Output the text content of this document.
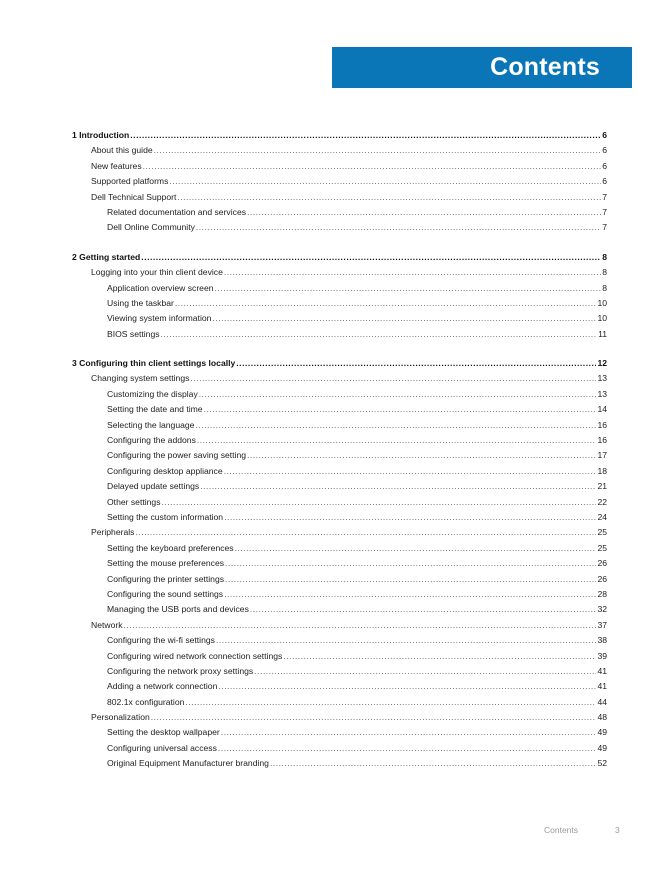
Contents
1 Introduction .....	6
About this guide .....	6
New features .....	6
Supported platforms .....	6
Dell Technical Support .....	7
Related documentation and services .....	7
Dell Online Community .....	7
2 Getting started .....	8
Logging into your thin client device .....	8
Application overview screen .....	8
Using the taskbar .....	10
Viewing system information .....	10
BIOS settings .....	11
3 Configuring thin client settings locally .....	12
Changing system settings .....	13
Customizing the display .....	13
Setting the date and time .....	14
Selecting the language .....	16
Configuring the addons .....	16
Configuring the power saving setting .....	17
Configuring desktop appliance .....	18
Delayed update settings .....	21
Other settings .....	22
Setting the custom information .....	24
Peripherals .....	25
Setting the keyboard preferences .....	25
Setting the mouse preferences .....	26
Configuring the printer settings .....	26
Configuring the sound settings .....	28
Managing the USB ports and devices .....	32
Network .....	37
Configuring the wi-fi settings .....	38
Configuring wired network connection settings .....	39
Configuring the network proxy settings .....	41
Adding a network connection .....	41
802.1x configuration .....	44
Personalization .....	48
Setting the desktop wallpaper .....	49
Configuring universal access .....	49
Original Equipment Manufacturer branding .....	52
Contents	3
